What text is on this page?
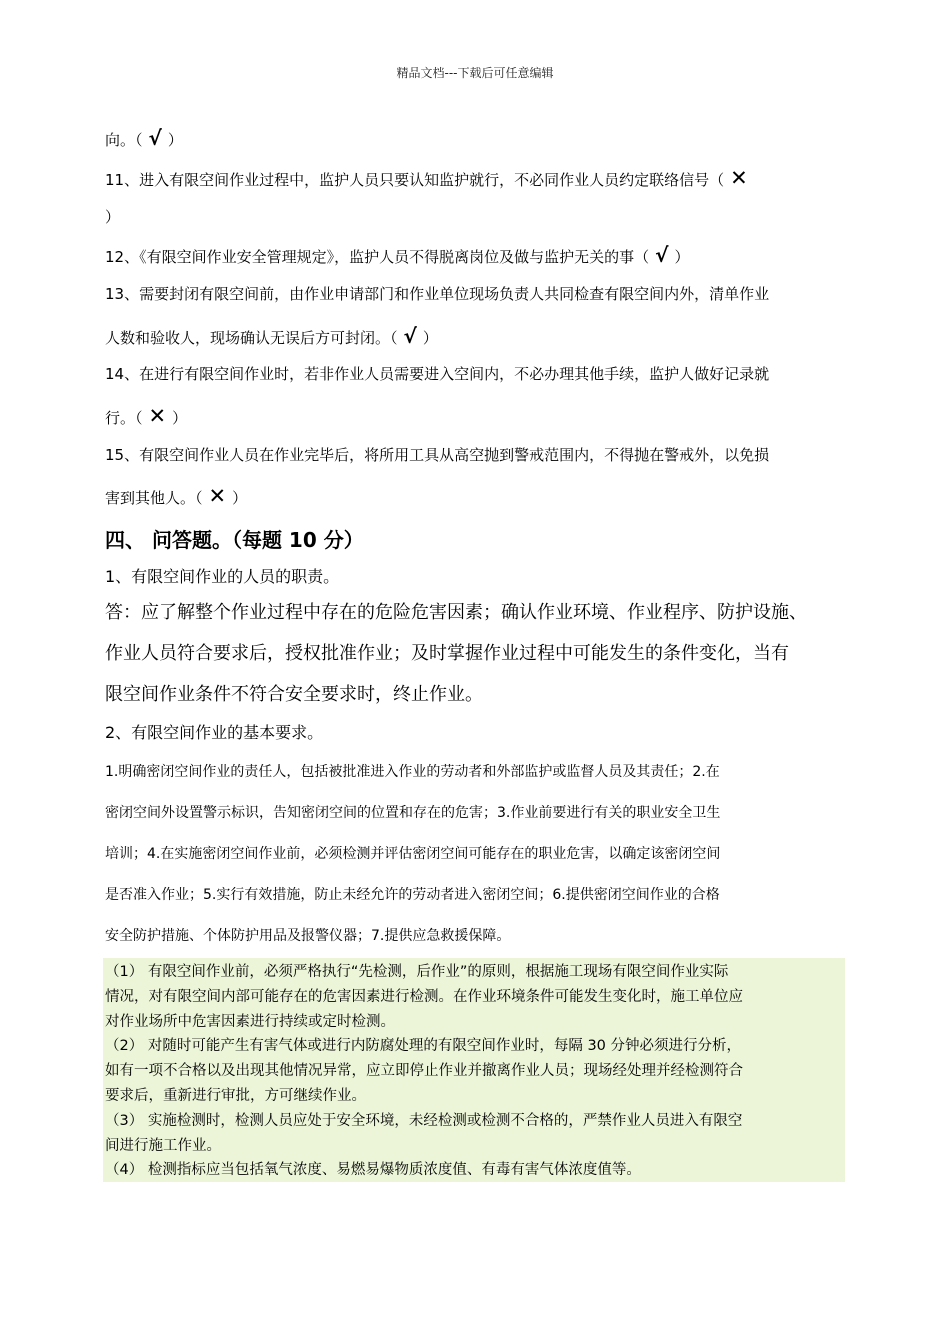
精品文档---下载后可任意编辑
向。（ √ ）
11、进入有限空间作业过程中，监护人员只要认知监护就行，不必同作业人员约定联络信号（ ✕
）
12、《有限空间作业安全管理规定》，监护人员不得脱离岗位及做与监护无关的事（ √ ）
13、需要封闭有限空间前，由作业申请部门和作业单位现场负责人共同检查有限空间内外，清单作业
人数和验收人，现场确认无误后方可封闭。（ √ ）
14、在进行有限空间作业时，若非作业人员需要进入空间内，不必办理其他手续，监护人做好记录就
行。（ ✕ ）
15、有限空间作业人员在作业完毕后，将所用工具从高空抛到警戒范围内，不得抛在警戒外，以免损
害到其他人。（ ✕ ）
四、 问答题。（每题 10 分）
1、有限空间作业的人员的职责。
答：应了解整个作业过程中存在的危险危害因素；确认作业环境、作业程序、防护设施、
作业人员符合要求后，授权批准作业；及时掌握作业过程中可能发生的条件变化，当有
限空间作业条件不符合安全要求时，终止作业。
2、有限空间作业的基本要求。
1.明确密闭空间作业的责任人，包括被批准进入作业的劳动者和外部监护或监督人员及其责任；2.在
密闭空间外设置警示标识，告知密闭空间的位置和存在的危害；3.作业前要进行有关的职业安全卫生
培训；4.在实施密闭空间作业前，必须检测并评估密闭空间可能存在的职业危害，以确定该密闭空间
是否准入作业；5.实行有效措施，防止未经允许的劳动者进入密闭空间；6.提供密闭空间作业的合格
安全防护措施、个体防护用品及报警仪器；7.提供应急救援保障。
（1） 有限空间作业前，必须严格执行“先检测，后作业”的原则，根据施工现场有限空间作业实际
情况，对有限空间内部可能存在的危害因素进行检测。在作业环境条件可能发生变化时，施工单位应
对作业场所中危害因素进行持续或定时检测。
（2） 对随时可能产生有害气体或进行内防腐处理的有限空间作业时，每隔 30 分钟必须进行分析，
如有一项不合格以及出现其他情况异常，应立即停止作业并撤离作业人员；现场经处理并经检测符合
要求后，重新进行审批，方可继续作业。
（3） 实施检测时，检测人员应处于安全环境，未经检测或检测不合格的，严禁作业人员进入有限空
间进行施工作业。
（4） 检测指标应当包括氧气浓度、易燃易爆物质浓度值、有毒有害气体浓度值等。
